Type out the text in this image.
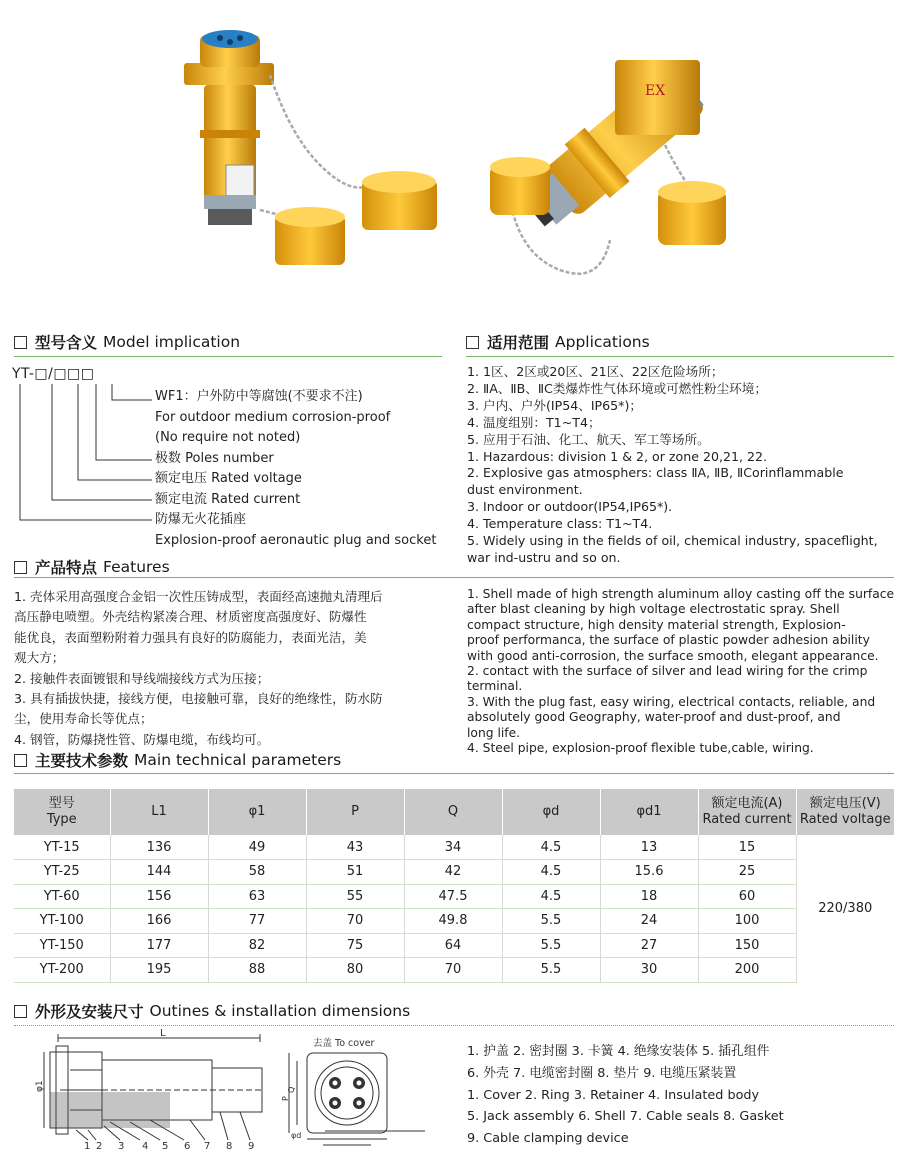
EX
型号含义 Model implication
YT-□/□□□
WF1：户外防中等腐蚀(不要求不注)
For outdoor medium corrosion-proof
(No require not noted)
极数 Poles number
额定电压 Rated voltage
额定电流 Rated current
防爆无火花插座
Explosion-proof aeronautic plug and socket
适用范围 Applications
1. 1区、2区或20区、21区、22区危险场所；
2. ⅡA、ⅡB、ⅡC类爆炸性气体环境或可燃性粉尘环境；
3. 户内、户外(IP54、IP65*)；
4. 温度组别：T1~T4；
5. 应用于石油、化工、航天、军工等场所。
1. Hazardous: division 1 & 2, or zone 20,21, 22.
2. Explosive gas atmosphers: class ⅡA, ⅡB, ⅡCorinflammable
dust environment.
3. Indoor or outdoor(IP54,IP65*).
4. Temperature class: T1~T4.
5. Widely using in the fields of oil, chemical industry, spaceflight,
war ind-ustru and so on.
产品特点 Features
1. 壳体采用高强度合金铝一次性压铸成型，表面经高速抛丸清理后
高压静电喷塑。外壳结构紧凑合理、材质密度高强度好、防爆性
能优良，表面塑粉附着力强具有良好的防腐能力，表面光洁，美
观大方；
2. 接触件表面镀银和导线端接线方式为压接；
3. 具有插拔快捷，接线方便，电接触可靠，良好的绝缘性，防水防
尘，使用寿命长等优点；
4. 钢管，防爆挠性管、防爆电缆，布线均可。
1. Shell made of high strength aluminum alloy casting off the surface
after blast cleaning by high voltage electrostatic spray. Shell
compact structure, high density material strength, Explosion-
proof performanca, the surface of plastic powder adhesion ability
with good anti-corrosion, the surface smooth, elegant appearance.
2. contact with the surface of silver and lead wiring for the crimp
terminal.
3. With the plug fast, easy wiring, electrical contacts, reliable, and
absolutely good Geography, water-proof and dust-proof, and
long life.
4. Steel pipe, explosion-proof flexible tube,cable, wiring.
主要技术参数 Main technical parameters
型号
Type	L1	φ1	P	Q	φd	φd1	额定电流(A)
Rated current	额定电压(V)
Rated voltage
YT-15	136	49	43	34	4.5	13	15	220/380
YT-25	144	58	51	42	4.5	15.6	25	
YT-60	156	63	55	47.5	4.5	18	60	
YT-100	166	77	70	49.8	5.5	24	100	
YT-150	177	82	75	64	5.5	27	150	
YT-200	195	88	80	70	5.5	30	200	
外形及安装尺寸 Outines & installation dimensions
L
φ1
1 2 3 4 5 6 7 8 9
去盖 To cover
Q
P
φd
1. 护盖 2. 密封圈 3. 卡簧 4. 绝缘安装体 5. 插孔组件
6. 外壳 7. 电缆密封圈 8. 垫片 9. 电缆压紧装置
1. Cover 2. Ring 3. Retainer 4. Insulated body
5. Jack assembly 6. Shell 7. Cable seals 8. Gasket
9. Cable clamping device
